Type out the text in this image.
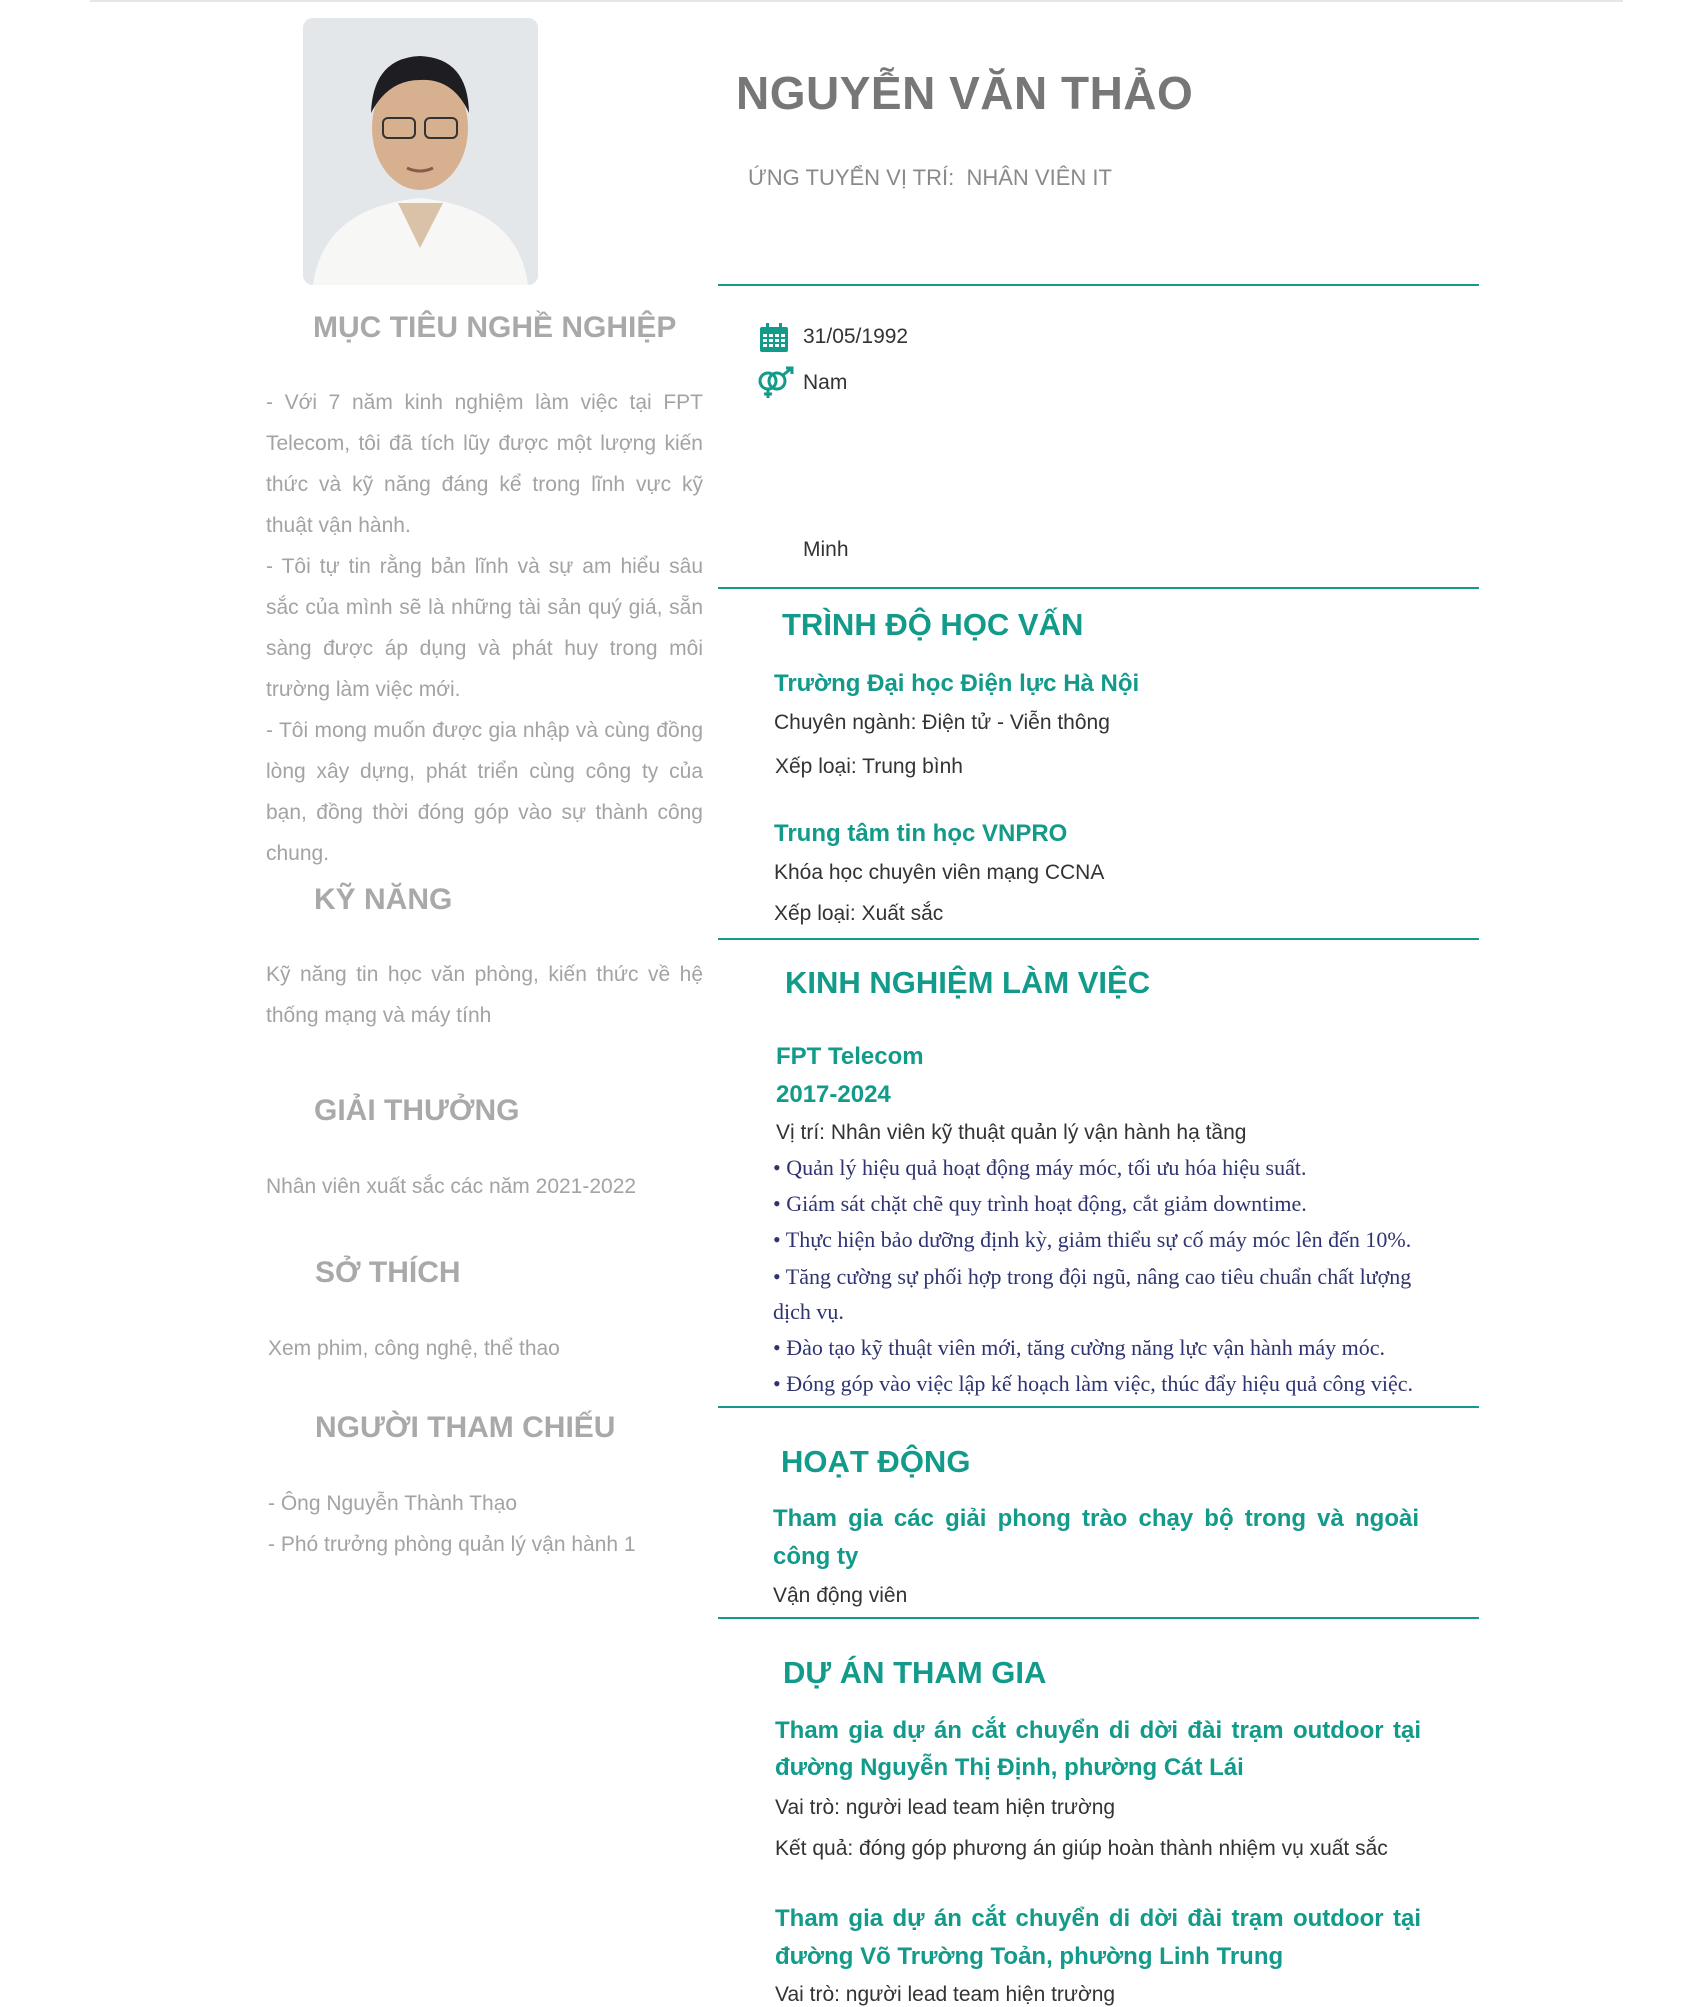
NGUYỄN VĂN THẢO
ỨNG TUYỂN VỊ TRÍ: NHÂN VIÊN IT
31/05/1992
Nam
Minh
TRÌNH ĐỘ HỌC VẤN
Trường Đại học Điện lực Hà Nội
Chuyên ngành: Điện tử - Viễn thông
Xếp loại: Trung bình
Trung tâm tin học VNPRO
Khóa học chuyên viên mạng CCNA
Xếp loại: Xuất sắc
KINH NGHIỆM LÀM VIỆC
FPT Telecom
2017-2024
Vị trí: Nhân viên kỹ thuật quản lý vận hành hạ tầng
• Quản lý hiệu quả hoạt động máy móc, tối ưu hóa hiệu suất.
• Giám sát chặt chẽ quy trình hoạt động, cắt giảm downtime.
• Thực hiện bảo dưỡng định kỳ, giảm thiểu sự cố máy móc lên đến 10%.
• Tăng cường sự phối hợp trong đội ngũ, nâng cao tiêu chuẩn chất lượng
dịch vụ.
• Đào tạo kỹ thuật viên mới, tăng cường năng lực vận hành máy móc.
• Đóng góp vào việc lập kế hoạch làm việc, thúc đẩy hiệu quả công việc.
HOẠT ĐỘNG
Tham gia các giải phong trào chạy bộ trong và ngoài
công ty
Vận động viên
DỰ ÁN THAM GIA
Tham gia dự án cắt chuyển di dời đài trạm outdoor tại
đường Nguyễn Thị Định, phường Cát Lái
Vai trò: người lead team hiện trường
Kết quả: đóng góp phương án giúp hoàn thành nhiệm vụ xuất sắc
Tham gia dự án cắt chuyển di dời đài trạm outdoor tại
đường Võ Trường Toản, phường Linh Trung
Vai trò: người lead team hiện trường
MỤC TIÊU NGHỀ NGHIỆP
- Với 7 năm kinh nghiệm làm việc tại FPT Telecom, tôi đã tích lũy được một lượng kiến thức và kỹ năng đáng kể trong lĩnh vực kỹ thuật vận hành.
- Tôi tự tin rằng bản lĩnh và sự am hiểu sâu sắc của mình sẽ là những tài sản quý giá, sẵn sàng được áp dụng và phát huy trong môi trường làm việc mới.
- Tôi mong muốn được gia nhập và cùng đồng lòng xây dựng, phát triển cùng công ty của bạn, đồng thời đóng góp vào sự thành công chung.
KỸ NĂNG
Kỹ năng tin học văn phòng, kiến thức về hệ thống mạng và máy tính
GIẢI THƯỞNG
Nhân viên xuất sắc các năm 2021-2022
SỞ THÍCH
Xem phim, công nghệ, thể thao
NGƯỜI THAM CHIẾU
- Ông Nguyễn Thành Thạo
- Phó trưởng phòng quản lý vận hành 1
